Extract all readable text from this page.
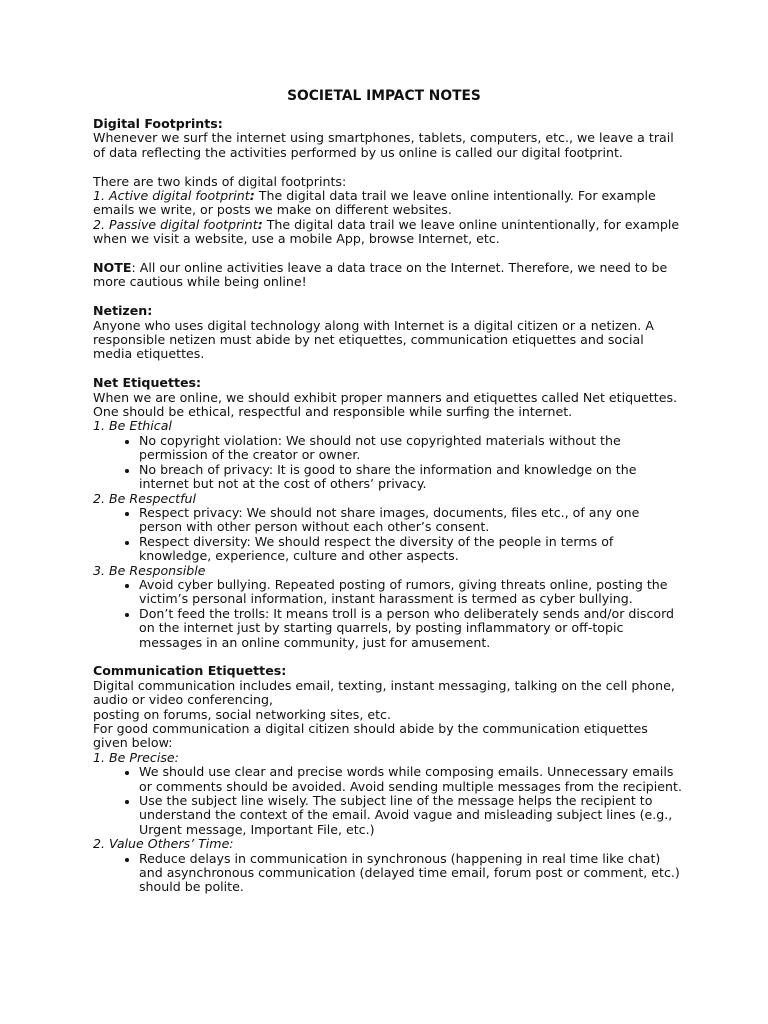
SOCIETAL IMPACT NOTES

Digital Footprints:

Whenever we surf the internet using smartphones, tablets, computers, etc., we leave a trail of data reflecting the activities performed by us online is called our digital footprint.

There are two kinds of digital footprints:

1. Active digital footprint: The digital data trail we leave online intentionally. For example emails we write, or posts we make on different websites.

2. Passive digital footprint: The digital data trail we leave online unintentionally, for example when we visit a website, use a mobile App, browse Internet, etc.

NOTE: All our online activities leave a data trace on the Internet. Therefore, we need to be more cautious while being online!

Netizen:

Anyone who uses digital technology along with Internet is a digital citizen or a netizen. A responsible netizen must abide by net etiquettes, communication etiquettes and social media etiquettes.

Net Etiquettes:

When we are online, we should exhibit proper manners and etiquettes called Net etiquettes. One should be ethical, respectful and responsible while surfing the internet.

1. Be Ethical

• No copyright violation: We should not use copyrighted materials without the permission of the creator or owner.
• No breach of privacy: It is good to share the information and knowledge on the internet but not at the cost of others’ privacy.

2. Be Respectful

• Respect privacy: We should not share images, documents, files etc., of any one person with other person without each other’s consent.
• Respect diversity: We should respect the diversity of the people in terms of knowledge, experience, culture and other aspects.

3. Be Responsible

• Avoid cyber bullying. Repeated posting of rumors, giving threats online, posting the victim’s personal information, instant harassment is termed as cyber bullying.
• Don’t feed the trolls: It means troll is a person who deliberately sends and/or discord on the internet just by starting quarrels, by posting inflammatory or off-topic messages in an online community, just for amusement.

Communication Etiquettes:

Digital communication includes email, texting, instant messaging, talking on the cell phone, audio or video conferencing,

posting on forums, social networking sites, etc.

For good communication a digital citizen should abide by the communication etiquettes given below:

1. Be Precise:

• We should use clear and precise words while composing emails. Unnecessary emails or comments should be avoided. Avoid sending multiple messages from the recipient.
• Use the subject line wisely. The subject line of the message helps the recipient to understand the context of the email. Avoid vague and misleading subject lines (e.g., Urgent message, Important File, etc.)

2. Value Others’ Time:

• Reduce delays in communication in synchronous (happening in real time like chat) and asynchronous communication (delayed time email, forum post or comment, etc.) should be polite.
